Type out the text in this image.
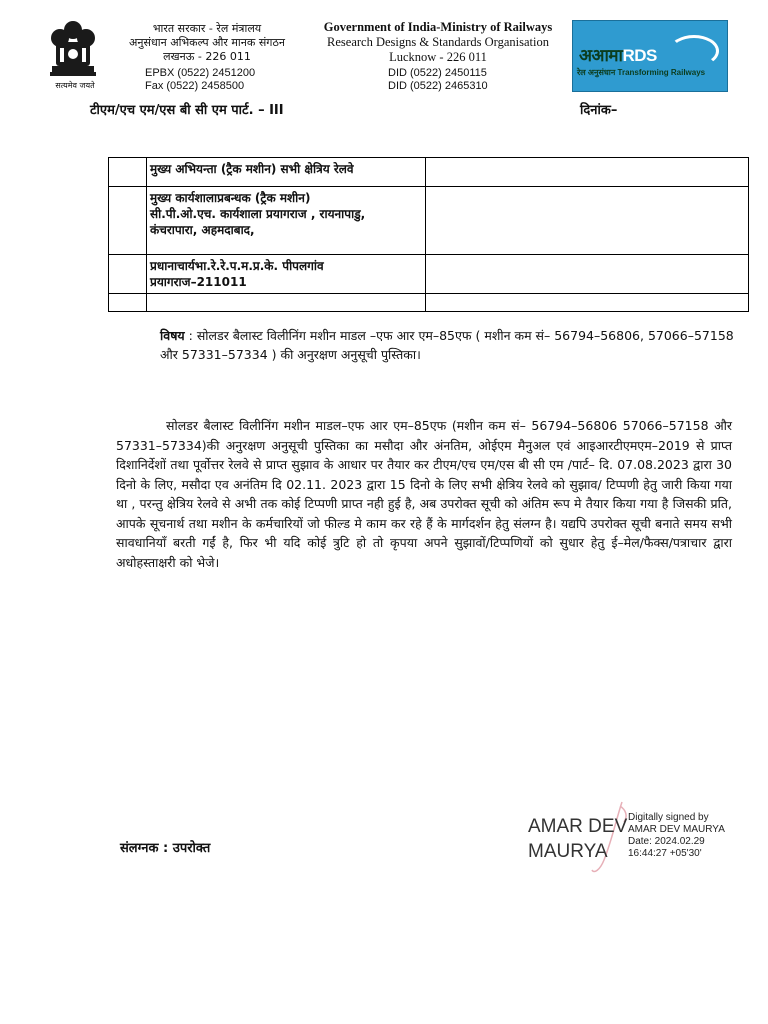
सत्यमेव जयते
भारत सरकार - रेल मंत्रालय
अनुसंधान अभिकल्प और मानक संगठन
लखनऊ - 226 011
Government of India-Ministry of Railways
Research Designs & Standards Organisation
Lucknow - 226 011
EPBX (0522) 2451200
Fax (0522) 2458500
DID (0522) 2450115
DID (0522) 2465310
अआमाRDS
रेल अनुसंधान Transforming Railways
टीएम/एच एम/एस बी सी एम पार्ट. – III	दिनांक–

	मुख्य अभियन्ता (ट्रैक मशीन) सभी क्षेत्रिय रेलवे	

	मुख्य कार्यशालाप्रबन्धक (ट्रैक मशीन)
सी.पी.ओ.एच. कार्यशाला प्रयागराज , रायनापाडु,
कंचरापारा, अहमदाबाद,	

	प्रधानाचार्यभा.रे.रे.प.म.प्र.के. पीपलगांव
प्रयागराज–211011	

विषय : सोलडर बैलास्ट विलीनिंग मशीन माडल –एफ आर एम–85एफ ( मशीन कम सं– 56794–56806, 57066–57158 और 57331–57334 ) की अनुरक्षण अनुसूची पुस्तिका।
सोलडर बैलास्ट विलीनिंग मशीन माडल–एफ आर एम–85एफ (मशीन कम सं– 56794–56806 57066–57158 और 57331–57334)की अनुरक्षण अनुसूची पुस्तिका का मसौदा और अंनतिम, ओईएम मैनुअल एवं आइआरटीएमएम–2019 से प्राप्त दिशानिर्देशों तथा पूर्वोत्तर रेलवे से प्राप्त सुझाव के आधार पर तैयार कर टीएम/एच एम/एस बी सी एम /पार्ट– दि. 07.08.2023 द्वारा 30 दिनो के लिए, मसौदा एव अनंतिम दि 02.11. 2023 द्वारा 15 दिनो के लिए सभी क्षेत्रिय रेलवे को सुझाव/ टिप्पणी हेतु जारी किया गया था , परन्तु क्षेत्रिय रेलवे से अभी तक कोई टिप्पणी प्राप्त नही हुई है, अब उपरोक्त सूची को अंतिम रूप मे तैयार किया गया है जिसकी प्रति, आपके सूचनार्थ तथा मशीन के कर्मचारियों जो फील्ड मे काम कर रहे हैं के मार्गदर्शन हेतु संलग्न है। यद्यपि उपरोक्त सूची बनाते समय सभी सावधानियाँ बरती गईं है, फिर भी यदि कोई त्रुटि हो तो कृपया अपने सुझावों/टिप्पणियों को सुधार हेतु ई–मेल/फैक्स/पत्राचार द्वारा अधोहस्ताक्षरी को भेजे।
संलग्नक : उपरोक्त
AMAR DEV
MAURYA
Digitally signed by
AMAR DEV MAURYA
Date: 2024.02.29
16:44:27 +05'30'
